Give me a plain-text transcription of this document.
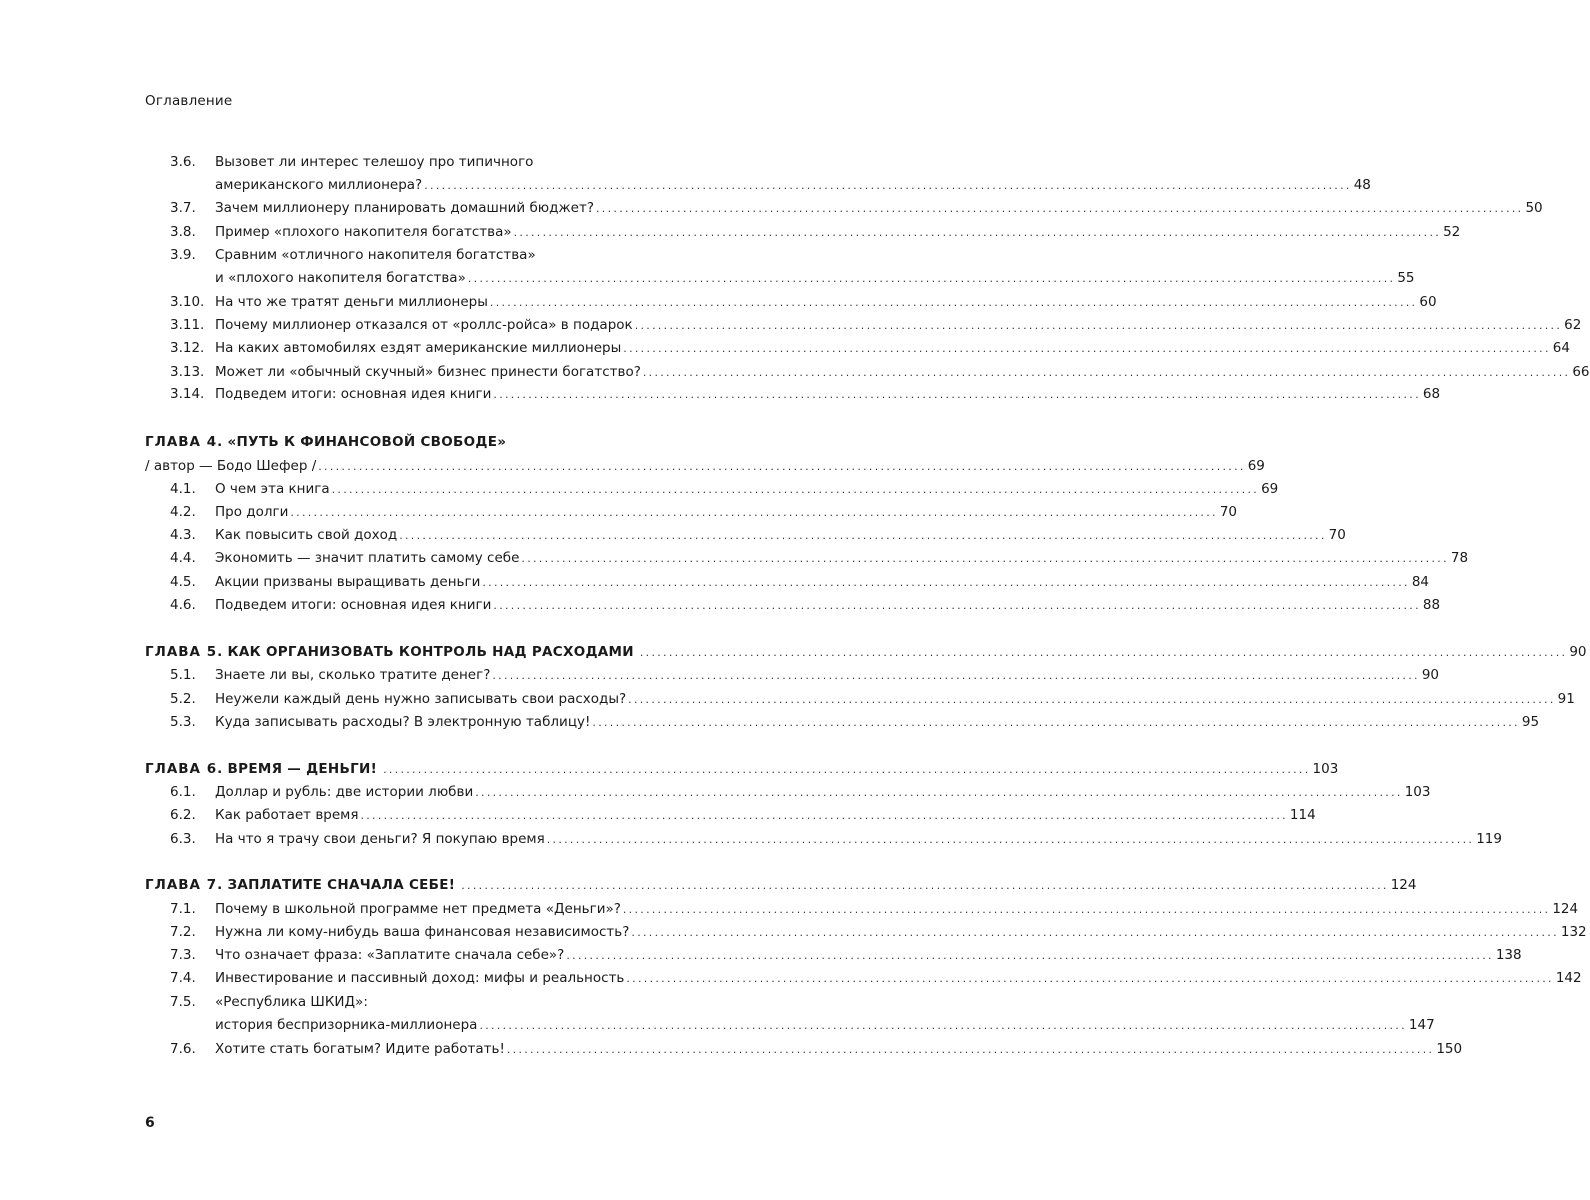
Оглавление
3.6.	Вызовет ли интерес телешоу про типичного
американского миллионера? ................................................................................................................................................................ 48
3.7.	Зачем миллионеру планировать домашний бюджет? ................................................................................................................................................................ 50
3.8.	Пример «плохого накопителя богатства» ................................................................................................................................................................ 52
3.9.	Сравним «отличного накопителя богатства»
и «плохого накопителя богатства» ................................................................................................................................................................ 55
3.10. На что же тратят деньги миллионеры ................................................................................................................................................................ 60
3.11. Почему миллионер отказался от «роллс-ройса» в подарок ................................................................................................................................................................ 62
3.12. На каких автомобилях ездят американские миллионеры ................................................................................................................................................................ 64
3.13. Может ли «обычный скучный» бизнес принести богатство? ................................................................................................................................................................ 66
3.14. Подведем итоги: основная идея книги ................................................................................................................................................................ 68
ГЛАВА 4. «ПУТЬ К ФИНАНСОВОЙ СВОБОДЕ»
/ автор — Бодо Шефер / ................................................................................................................................................................ 69
4.1.	О чем эта книга ................................................................................................................................................................ 69
4.2.	Про долги ................................................................................................................................................................ 70
4.3.	Как повысить свой доход ................................................................................................................................................................ 70
4.4.	Экономить — значит платить самому себе ................................................................................................................................................................ 78
4.5.	Акции призваны выращивать деньги ................................................................................................................................................................ 84
4.6.	Подведем итоги: основная идея книги ................................................................................................................................................................ 88
ГЛАВА 5. КАК ОРГАНИЗОВАТЬ КОНТРОЛЬ НАД РАСХОДАМИ ................................................................................................................................................................ 90
5.1.	Знаете ли вы, сколько тратите денег? ................................................................................................................................................................ 90
5.2.	Неужели каждый день нужно записывать свои расходы? ................................................................................................................................................................ 91
5.3.	Куда записывать расходы? В электронную таблицу! ................................................................................................................................................................ 95
ГЛАВА 6. ВРЕМЯ — ДЕНЬГИ! ................................................................................................................................................................ 103
6.1.	Доллар и рубль: две истории любви ................................................................................................................................................................ 103
6.2.	Как работает время ................................................................................................................................................................ 114
6.3.	На что я трачу свои деньги? Я покупаю время ................................................................................................................................................................ 119
ГЛАВА 7. ЗАПЛАТИТЕ СНАЧАЛА СЕБЕ! ................................................................................................................................................................ 124
7.1.	Почему в школьной программе нет предмета «Деньги»? ................................................................................................................................................................ 124
7.2.	Нужна ли кому-нибудь ваша финансовая независимость? ................................................................................................................................................................ 132
7.3.	Что означает фраза: «Заплатите сначала себе»? ................................................................................................................................................................ 138
7.4.	Инвестирование и пассивный доход: мифы и реальность ................................................................................................................................................................ 142
7.5.	«Республика ШКИД»:
история беспризорника-миллионера ................................................................................................................................................................ 147
7.6.	Хотите стать богатым? Идите работать! ................................................................................................................................................................ 150
6
